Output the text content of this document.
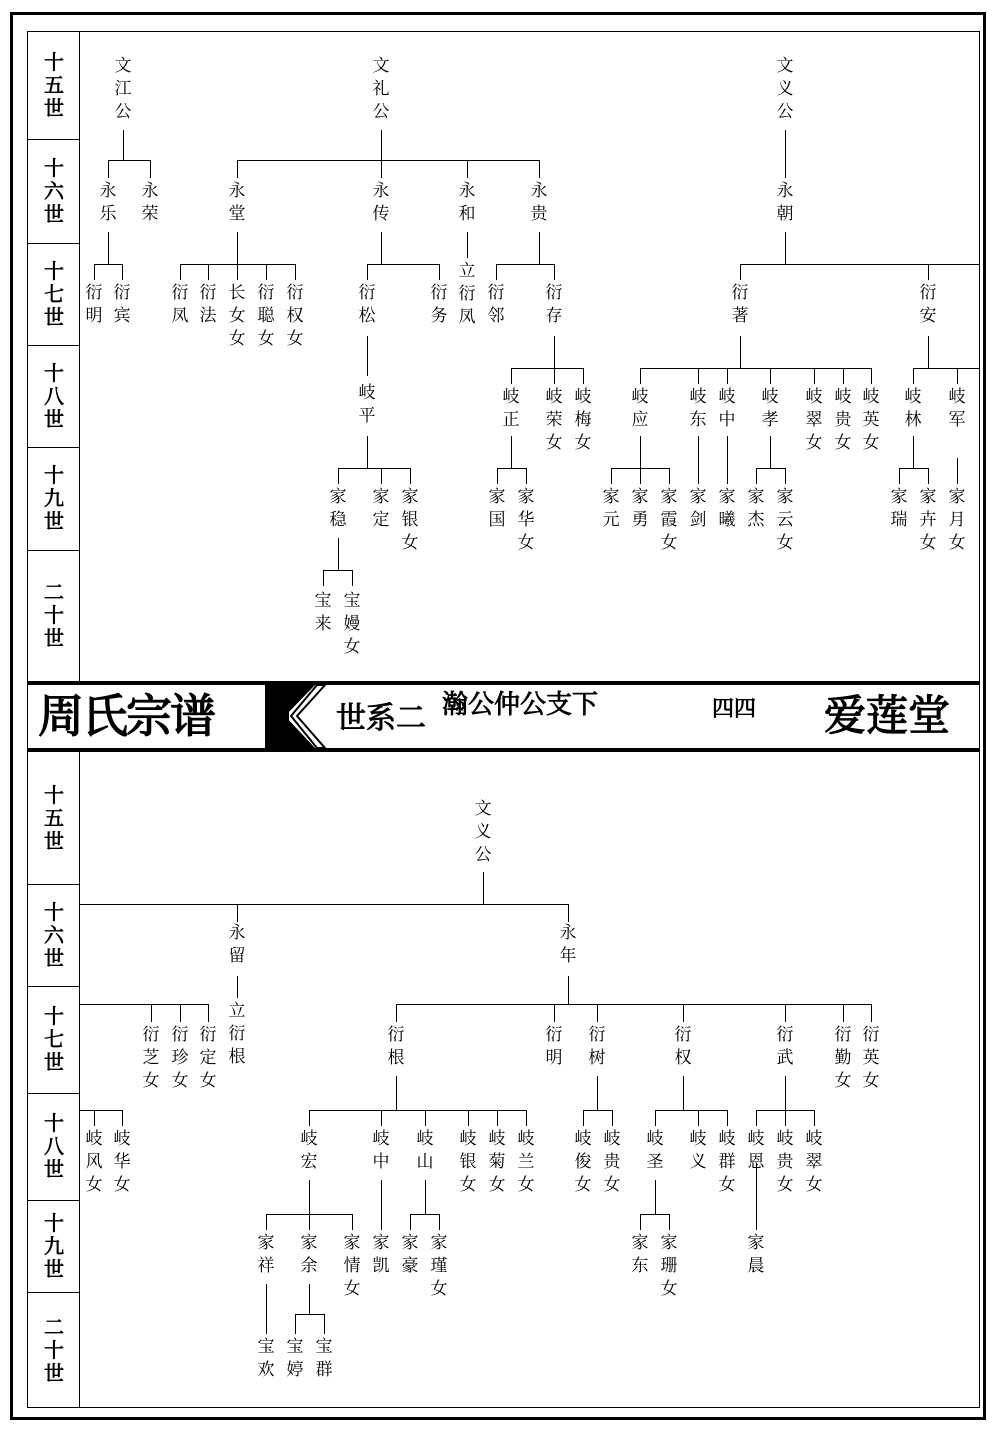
周氏宗谱	世系二 瀚公仲公支下	四四 爱莲堂
十
五
世
十
六
世
十
七
世
十
八
世
十
九
世
二
十
世
十
五
世
十
六
世
十
七
世
十
八
世
十
九
世
二
十
世
文
江
公
文
礼
公
文
义
公
永
乐
永
荣
永
堂
永
传
永
和
永
贵
永
朝
衍
明
衍
宾
衍
凤
衍
法
长
女
女
衍
聪
女
衍
权
女
衍
松
衍
务
立
衍
凤
衍
邻
衍
存
衍
著
衍
安
岐
平
岐
正
岐
荣
女
岐
梅
女
岐
应
岐
东
岐
中
岐
孝
岐
翠
女
岐
贵
女
岐
英
女
岐
林
岐
军
家
稳
家
定
家
银
女
家
国
家
华
女
家
元
家
勇
家
霞
女
家
剑
家
曦
家
杰
家
云
女
家
瑞
家
卉
女
家
月
女
宝
来
宝
嫚
女
文
义
公
永
留
永
年
衍
芝
女
衍
珍
女
衍
定
女
立
衍
根
衍
根
衍
明
衍
树
衍
权
衍
武
衍
勤
女
衍
英
女
岐
风
女
岐
华
女
岐
宏
岐
中
岐
山
岐
银
女
岐
菊
女
岐
兰
女
岐
俊
女
岐
贵
女
岐
圣
岐
义
岐
群
女
岐
恩
岐
贵
女
岐
翠
女
家
祥
家
余
家
情
女
家
凯
家
豪
家
瑾
女
家
东
家
珊
女
家
晨
宝
欢
宝
婷
宝
群
